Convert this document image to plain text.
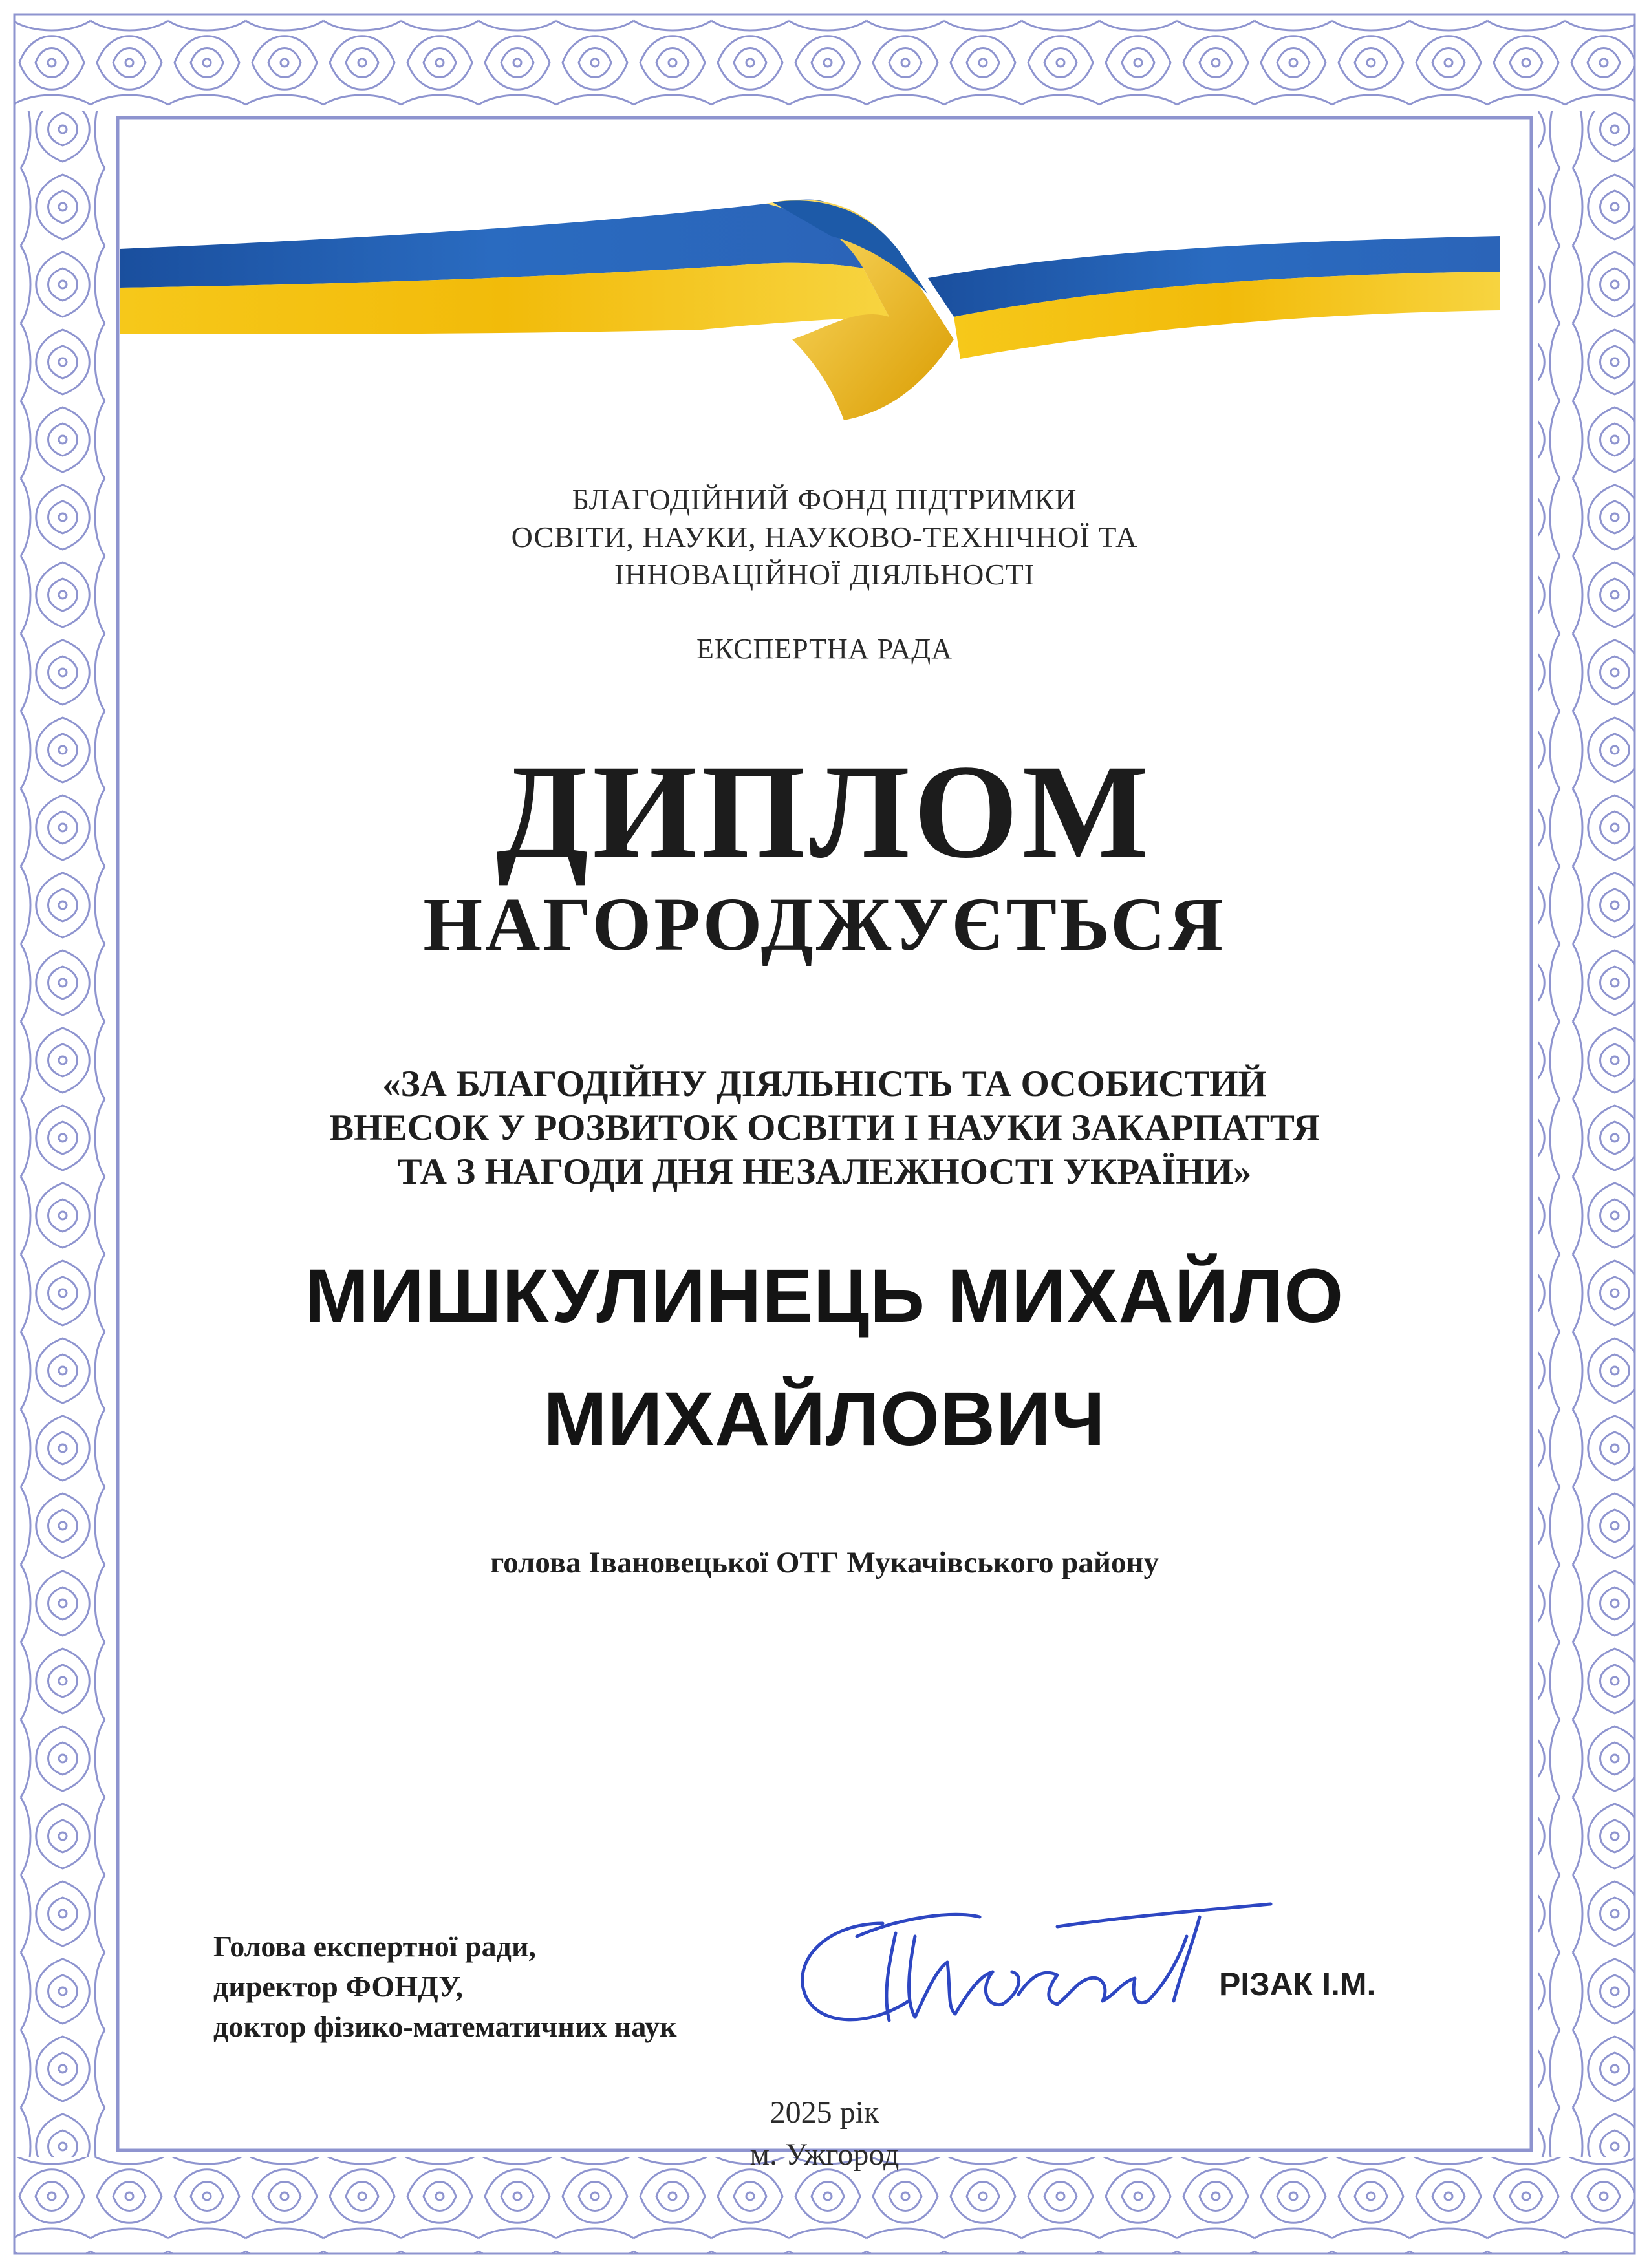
БЛАГОДІЙНИЙ ФОНД ПІДТРИМКИ
ОСВІТИ, НАУКИ, НАУКОВО-ТЕХНІЧНОЇ ТА
ІННОВАЦІЙНОЇ ДІЯЛЬНОСТІ
ЕКСПЕРТНА РАДА
ДИПЛОМ
НАГОРОДЖУЄТЬСЯ
«ЗА БЛАГОДІЙНУ ДІЯЛЬНІСТЬ ТА ОСОБИСТИЙ
ВНЕСОК У РОЗВИТОК ОСВІТИ І НАУКИ ЗАКАРПАТТЯ
ТА З НАГОДИ ДНЯ НЕЗАЛЕЖНОСТІ УКРАЇНИ»
МИШКУЛИНЕЦЬ МИХАЙЛО
МИХАЙЛОВИЧ
голова Івановецької ОТГ Мукачівського району
Голова експертної ради,
директор ФОНДУ,
доктор фізико-математичних наук
РІЗАК І.М.
2025 рік
м. Ужгород
